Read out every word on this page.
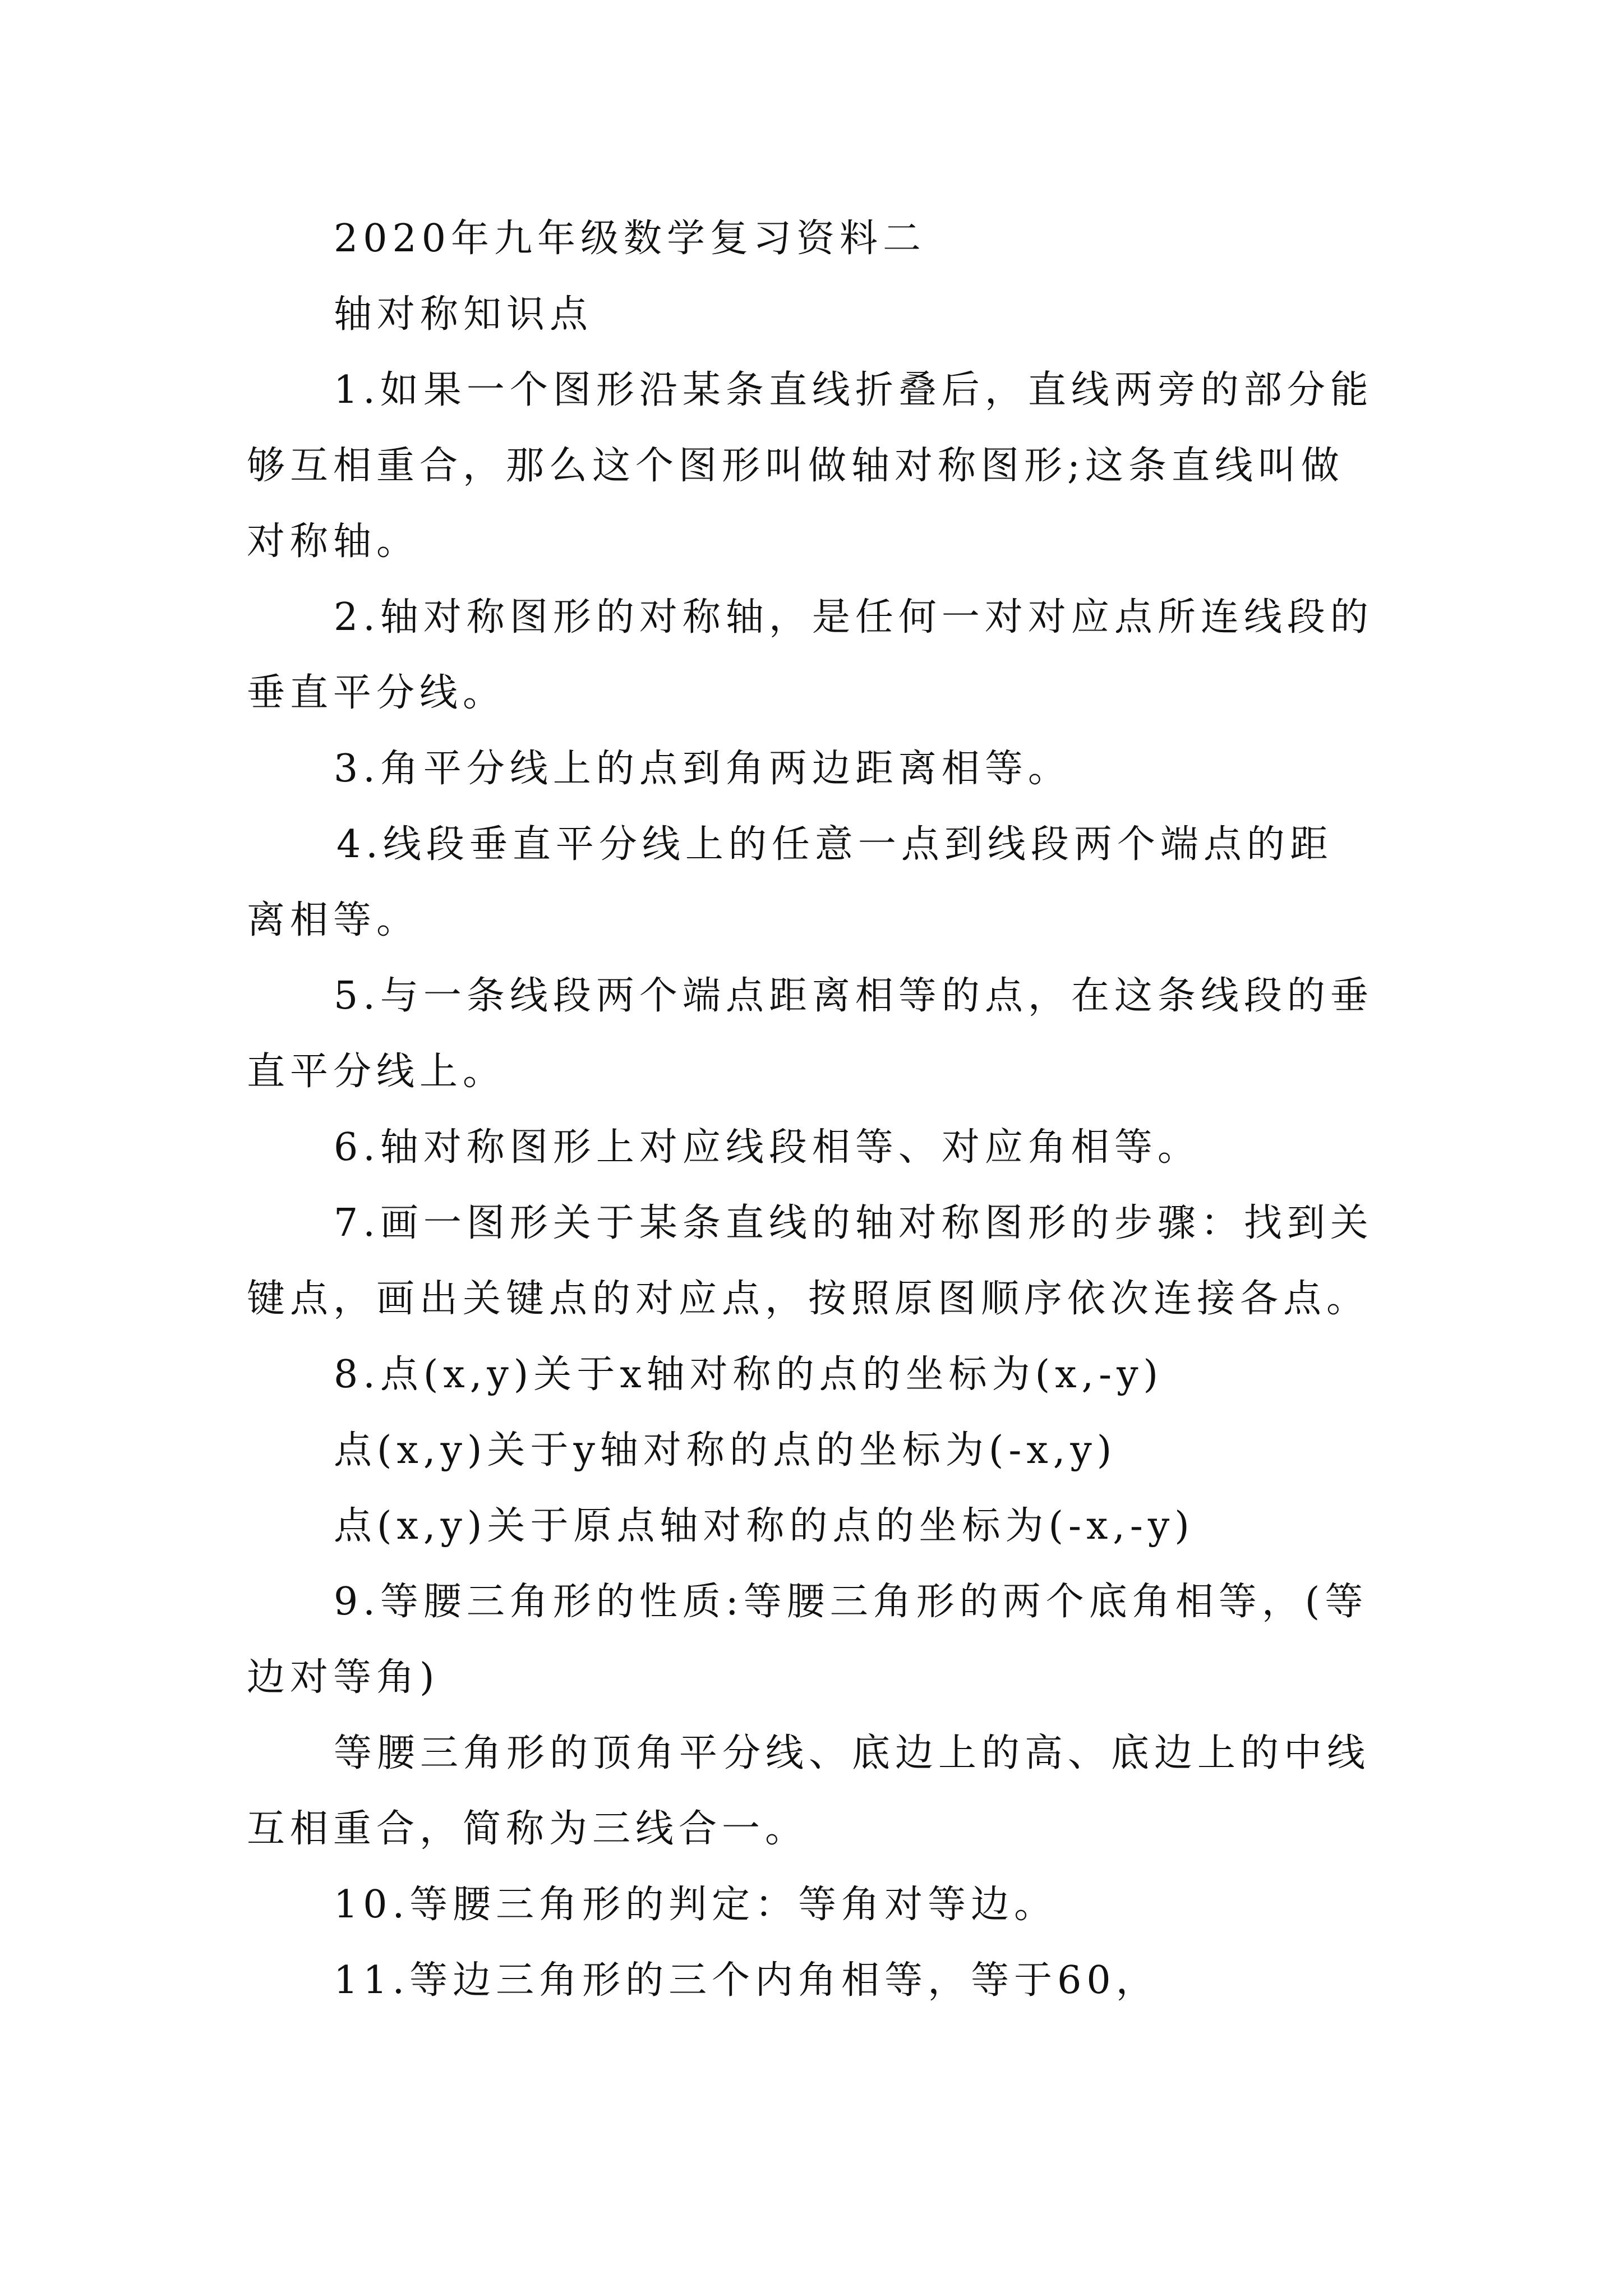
2020年九年级数学复习资料二
轴对称知识点
1.如果一个图形沿某条直线折叠后，直线两旁的部分能
够互相重合，那么这个图形叫做轴对称图形;这条直线叫做
对称轴。
2.轴对称图形的对称轴，是任何一对对应点所连线段的
垂直平分线。
3.角平分线上的点到角两边距离相等。
4.线段垂直平分线上的任意一点到线段两个端点的距
离相等。
5.与一条线段两个端点距离相等的点，在这条线段的垂
直平分线上。
6.轴对称图形上对应线段相等、对应角相等。
7.画一图形关于某条直线的轴对称图形的步骤：找到关
键点，画出关键点的对应点，按照原图顺序依次连接各点。
8.点(x,y)关于x轴对称的点的坐标为(x,-y)
点(x,y)关于y轴对称的点的坐标为(-x,y)
点(x,y)关于原点轴对称的点的坐标为(-x,-y)
9.等腰三角形的性质:等腰三角形的两个底角相等，(等
边对等角)
等腰三角形的顶角平分线、底边上的高、底边上的中线
互相重合，简称为三线合一。
10.等腰三角形的判定：等角对等边。
11.等边三角形的三个内角相等，等于60，
